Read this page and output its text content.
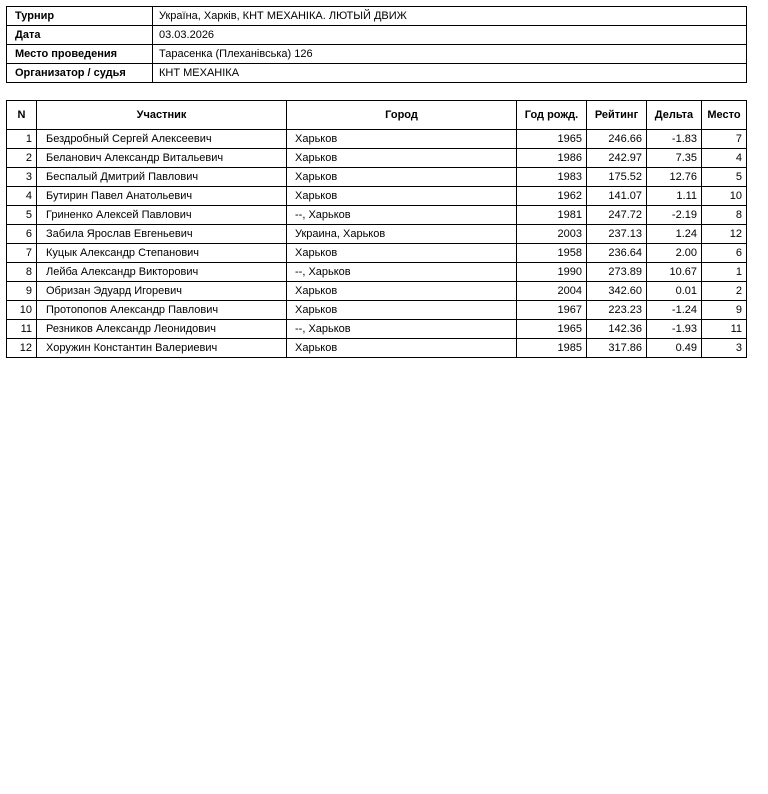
Турнир	Україна, Харків, КНТ МЕХАНІКА. ЛЮТЫЙ ДВИЖ
Дата	03.03.2026
Место проведения	Тарасенка (Плеханівська) 126
Организатор / судья	КНТ МЕХАНІКА
N	Участник	Город	Год рожд.	Рейтинг	Дельта	Место
1	Бездробный Сергей Алексеевич	Харьков	1965	246.66	-1.83	7
2	Беланович Александр Витальевич	Харьков	1986	242.97	7.35	4
3	Беспалый Дмитрий Павлович	Харьков	1983	175.52	12.76	5
4	Бутирин Павел Анатольевич	Харьков	1962	141.07	1.11	10
5	Гриненко Алексей Павлович	--, Харьков	1981	247.72	-2.19	8
6	Забила Ярослав Евгеньевич	Украина, Харьков	2003	237.13	1.24	12
7	Куцык Александр Степанович	Харьков	1958	236.64	2.00	6
8	Лейба Александр Викторович	--, Харьков	1990	273.89	10.67	1
9	Обризан Эдуард Игоревич	Харьков	2004	342.60	0.01	2
10	Протопопов Александр Павлович	Харьков	1967	223.23	-1.24	9
11	Резников Александр Леонидович	--, Харьков	1965	142.36	-1.93	11
12	Хоружин Константин Валериевич	Харьков	1985	317.86	0.49	3
